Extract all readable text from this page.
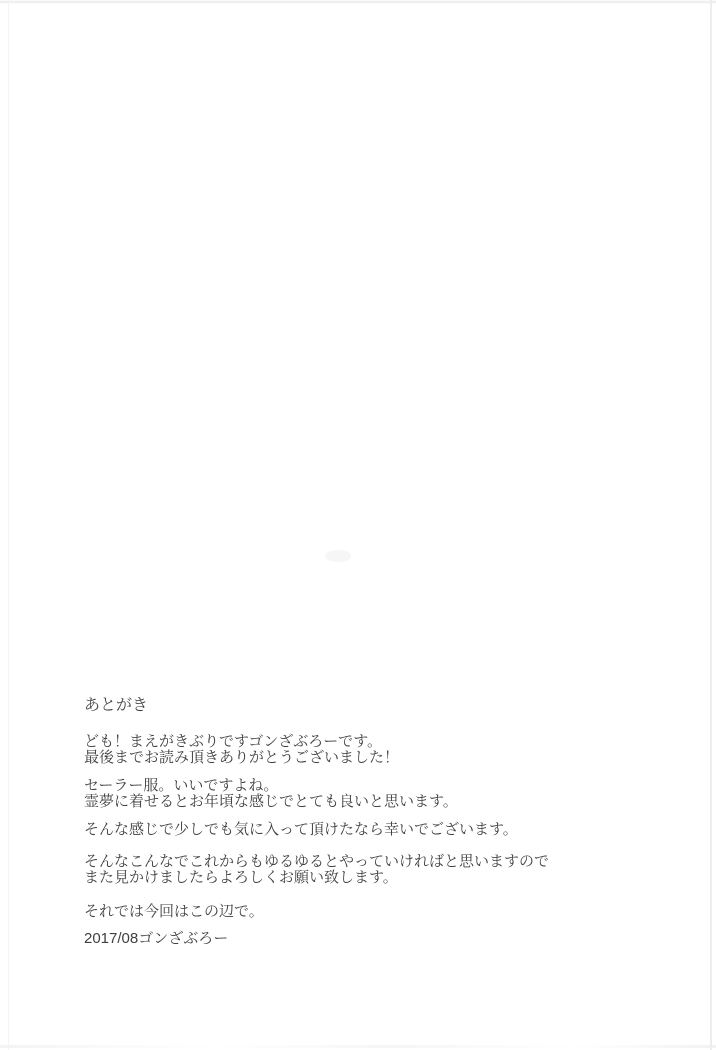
あとがき

ども！まえがきぶりですゴンざぶろーです。
最後までお読み頂きありがとうございました！

セーラー服。いいですよね。
霊夢に着せるとお年頃な感じでとても良いと思います。

そんな感じで少しでも気に入って頂けたなら幸いでございます。

そんなこんなでこれからもゆるゆるとやっていければと思いますので
また見かけましたらよろしくお願い致します。

それでは今回はこの辺で。

2017/08ゴンざぶろー
